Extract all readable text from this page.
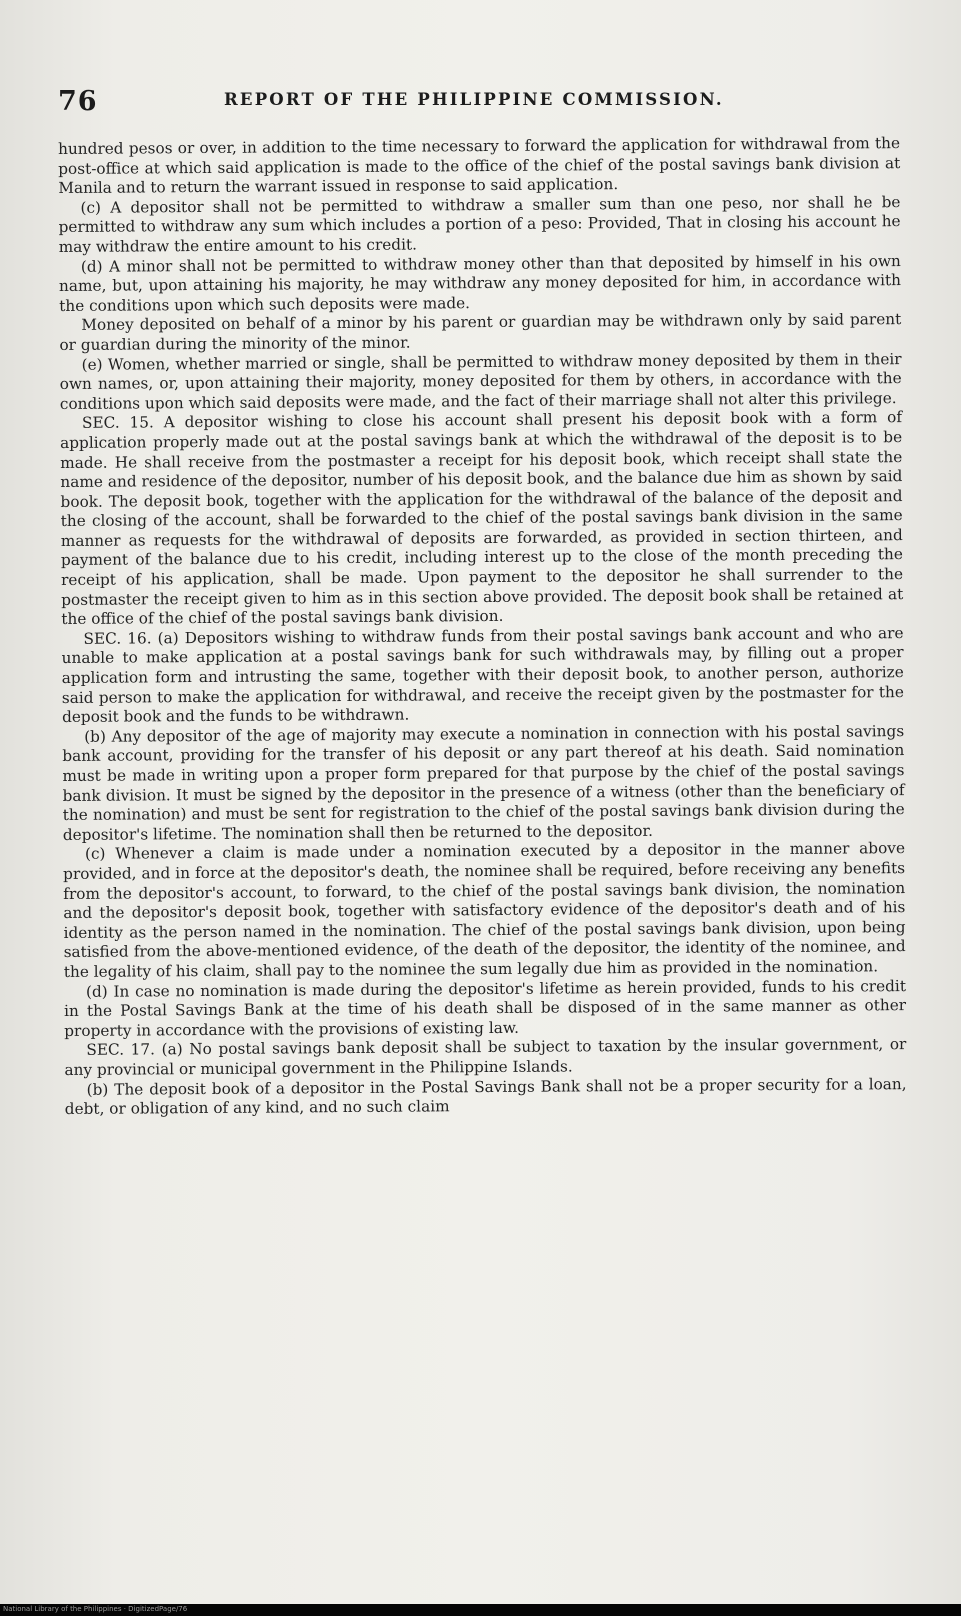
76	REPORT OF THE PHILIPPINE COMMISSION.

hundred pesos or over, in addition to the time necessary to forward the application for withdrawal from the post-office at which said application is made to the office of the chief of the postal savings bank division at Manila and to return the warrant issued in response to said application.

(c) A depositor shall not be permitted to withdraw a smaller sum than one peso, nor shall he be permitted to withdraw any sum which includes a portion of a peso: Provided, That in closing his account he may withdraw the entire amount to his credit.

(d) A minor shall not be permitted to withdraw money other than that deposited by himself in his own name, but, upon attaining his majority, he may withdraw any money deposited for him, in accordance with the conditions upon which such deposits were made.

Money deposited on behalf of a minor by his parent or guardian may be withdrawn only by said parent or guardian during the minority of the minor.

(e) Women, whether married or single, shall be permitted to withdraw money deposited by them in their own names, or, upon attaining their majority, money deposited for them by others, in accordance with the conditions upon which said deposits were made, and the fact of their marriage shall not alter this privilege.

SEC. 15. A depositor wishing to close his account shall present his deposit book with a form of application properly made out at the postal savings bank at which the withdrawal of the deposit is to be made. He shall receive from the postmaster a receipt for his deposit book, which receipt shall state the name and residence of the depositor, number of his deposit book, and the balance due him as shown by said book. The deposit book, together with the application for the withdrawal of the balance of the deposit and the closing of the account, shall be forwarded to the chief of the postal savings bank division in the same manner as requests for the withdrawal of deposits are forwarded, as provided in section thirteen, and payment of the balance due to his credit, including interest up to the close of the month preceding the receipt of his application, shall be made. Upon payment to the depositor he shall surrender to the postmaster the receipt given to him as in this section above provided. The deposit book shall be retained at the office of the chief of the postal savings bank division.

SEC. 16. (a) Depositors wishing to withdraw funds from their postal savings bank account and who are unable to make application at a postal savings bank for such withdrawals may, by filling out a proper application form and intrusting the same, together with their deposit book, to another person, authorize said person to make the application for withdrawal, and receive the receipt given by the postmaster for the deposit book and the funds to be withdrawn.

(b) Any depositor of the age of majority may execute a nomination in connection with his postal savings bank account, providing for the transfer of his deposit or any part thereof at his death. Said nomination must be made in writing upon a proper form prepared for that purpose by the chief of the postal savings bank division. It must be signed by the depositor in the presence of a witness (other than the beneficiary of the nomination) and must be sent for registration to the chief of the postal savings bank division during the depositor's lifetime. The nomination shall then be returned to the depositor.

(c) Whenever a claim is made under a nomination executed by a depositor in the manner above provided, and in force at the depositor's death, the nominee shall be required, before receiving any benefits from the depositor's account, to forward, to the chief of the postal savings bank division, the nomination and the depositor's deposit book, together with satisfactory evidence of the depositor's death and of his identity as the person named in the nomination. The chief of the postal savings bank division, upon being satisfied from the above-mentioned evidence, of the death of the depositor, the identity of the nominee, and the legality of his claim, shall pay to the nominee the sum legally due him as provided in the nomination.

(d) In case no nomination is made during the depositor's lifetime as herein provided, funds to his credit in the Postal Savings Bank at the time of his death shall be disposed of in the same manner as other property in accordance with the provisions of existing law.

SEC. 17. (a) No postal savings bank deposit shall be subject to taxation by the insular government, or any provincial or municipal government in the Philippine Islands.

(b) The deposit book of a depositor in the Postal Savings Bank shall not be a proper security for a loan, debt, or obligation of any kind, and no such claim

National Library of the Philippines · DigitizedPage/76
